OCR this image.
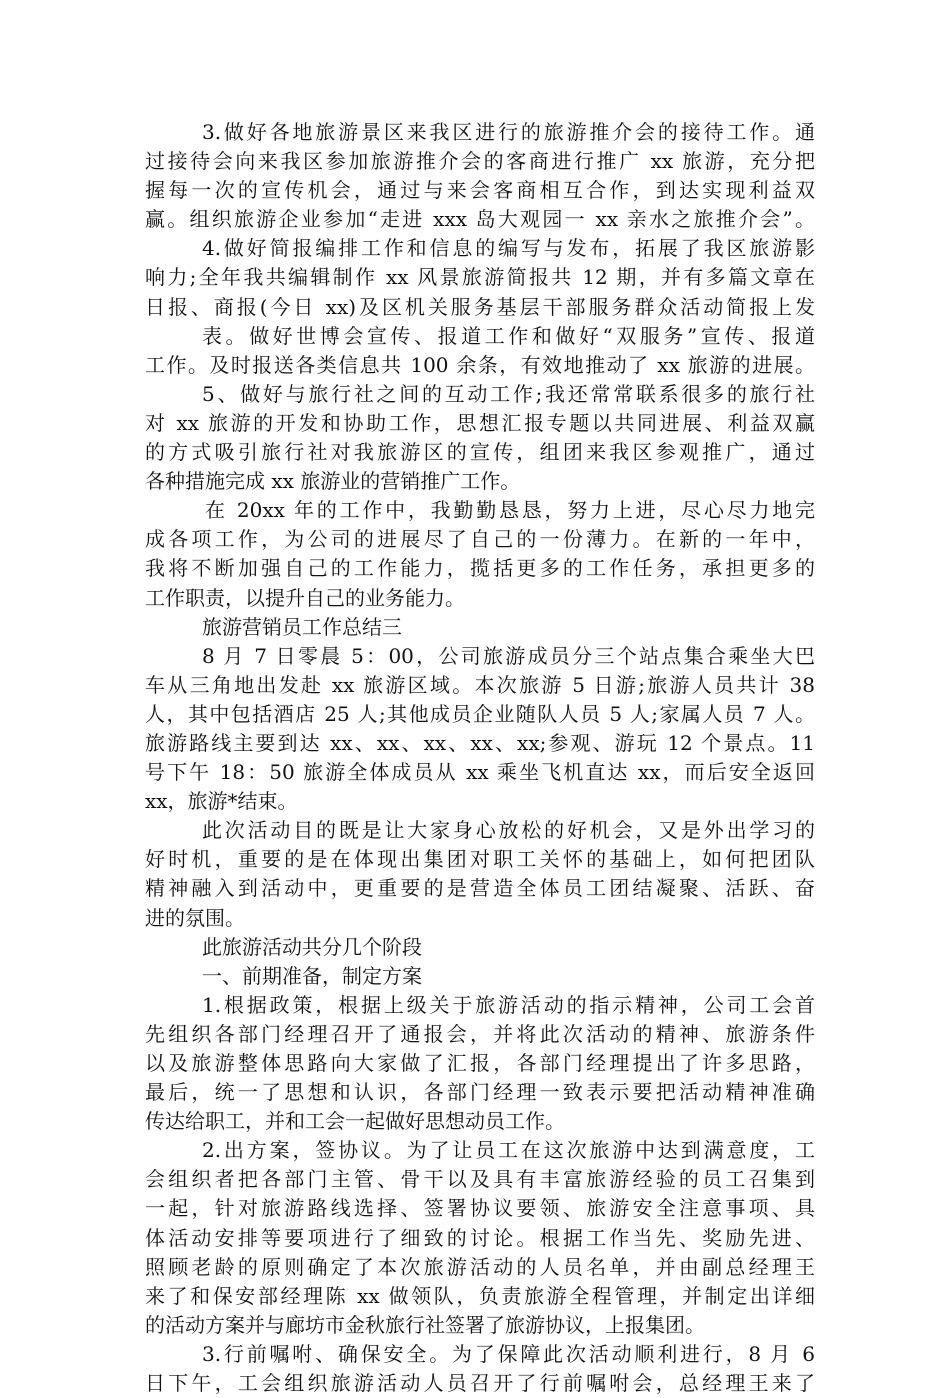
3.做好各地旅游景区来我区进行的旅游推介会的接待工作。通
过接待会向来我区参加旅游推介会的客商进行推广 xx 旅游，充分把
握每一次的宣传机会，通过与来会客商相互合作，到达实现利益双
赢。组织旅游企业参加“走进 xxx 岛大观园一 xx 亲水之旅推介会”。
4.做好简报编排工作和信息的编写与发布，拓展了我区旅游影
响力;全年我共编辑制作 xx 风景旅游简报共 12 期，并有多篇文章在
日报、商报(今日 xx)及区机关服务基层干部服务群众活动简报上发
表。做好世博会宣传、报道工作和做好“双服务”宣传、报道
工作。及时报送各类信息共 100 余条，有效地推动了 xx 旅游的进展。
5、做好与旅行社之间的互动工作;我还常常联系很多的旅行社
对 xx 旅游的开发和协助工作，思想汇报专题以共同进展、利益双赢
的方式吸引旅行社对我旅游区的宣传，组团来我区参观推广，通过
各种措施完成 xx 旅游业的营销推广工作。
在 20xx 年的工作中，我勤勤恳恳，努力上进，尽心尽力地完
成各项工作，为公司的进展尽了自己的一份薄力。在新的一年中，
我将不断加强自己的工作能力，揽括更多的工作任务，承担更多的
工作职责，以提升自己的业务能力。
旅游营销员工作总结三
8 月 7 日零晨 5：00，公司旅游成员分三个站点集合乘坐大巴
车从三角地出发赴 xx 旅游区域。本次旅游 5 日游;旅游人员共计 38
人，其中包括酒店 25 人;其他成员企业随队人员 5 人;家属人员 7 人。
旅游路线主要到达 xx、xx、xx、xx、xx;参观、游玩 12 个景点。11
号下午 18：50 旅游全体成员从 xx 乘坐飞机直达 xx，而后安全返回
xx，旅游*结束。
此次活动目的既是让大家身心放松的好机会，又是外出学习的
好时机，重要的是在体现出集团对职工关怀的基础上，如何把团队
精神融入到活动中，更重要的是营造全体员工团结凝聚、活跃、奋
进的氛围。
此旅游活动共分几个阶段
一、前期准备，制定方案
1.根据政策，根据上级关于旅游活动的指示精神，公司工会首
先组织各部门经理召开了通报会，并将此次活动的精神、旅游条件
以及旅游整体思路向大家做了汇报，各部门经理提出了许多思路，
最后，统一了思想和认识，各部门经理一致表示要把活动精神准确
传达给职工，并和工会一起做好思想动员工作。
2.出方案，签协议。为了让员工在这次旅游中达到满意度，工
会组织者把各部门主管、骨干以及具有丰富旅游经验的员工召集到
一起，针对旅游路线选择、签署协议要领、旅游安全注意事项、具
体活动安排等要项进行了细致的讨论。根据工作当先、奖励先进、
照顾老龄的原则确定了本次旅游活动的人员名单，并由副总经理王
来了和保安部经理陈 xx 做领队，负责旅游全程管理，并制定出详细
的活动方案并与廊坊市金秋旅行社签署了旅游协议，上报集团。
3.行前嘱咐、确保安全。为了保障此次活动顺利进行，8 月 6
日下午，工会组织旅游活动人员召开了行前嘱咐会，总经理王来了
